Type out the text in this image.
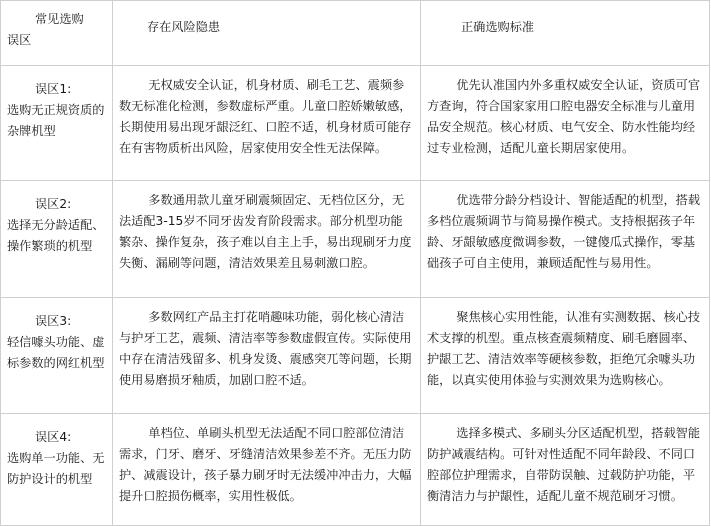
常见选购
误区	存在风险隐患	正确选购标准

误区1:
选购无正规资质的杂牌机型	无权威安全认证，机身材质、刷毛工艺、震频参数无标准化检测，参数虚标严重。儿童口腔娇嫩敏感，长期使用易出现牙龈泛红、口腔不适，机身材质可能存在有害物质析出风险，居家使用安全性无法保障。	优先认准国内外多重权威安全认证，资质可官方查询，符合国家家用口腔电器安全标准与儿童用品安全规范。核心材质、电气安全、防水性能均经过专业检测，适配儿童长期居家使用。

误区2:
选择无分龄适配、操作繁琐的机型	多数通用款儿童牙刷震频固定、无档位区分，无法适配3-15岁不同牙齿发育阶段需求。部分机型功能繁杂、操作复杂，孩子难以自主上手，易出现刷牙力度失衡、漏刷等问题，清洁效果差且易刺激口腔。	优选带分龄分档设计、智能适配的机型，搭载多档位震频调节与简易操作模式。支持根据孩子年龄、牙龈敏感度微调参数，一键傻瓜式操作，零基础孩子可自主使用，兼顾适配性与易用性。

误区3:
轻信噱头功能、虚标参数的网红机型	多数网红产品主打花哨趣味功能，弱化核心清洁与护牙工艺，震频、清洁率等参数虚假宣传。实际使用中存在清洁残留多、机身发烫、震感突兀等问题，长期使用易磨损牙釉质，加剧口腔不适。	聚焦核心实用性能，认准有实测数据、核心技术支撑的机型。重点核查震频精度、刷毛磨圆率、护龈工艺、清洁效率等硬核参数，拒绝冗余噱头功能，以真实使用体验与实测效果为选购核心。

误区4:
选购单一功能、无防护设计的机型	单档位、单刷头机型无法适配不同口腔部位清洁需求，门牙、磨牙、牙缝清洁效果参差不齐。无压力防护、减震设计，孩子暴力刷牙时无法缓冲冲击力，大幅提升口腔损伤概率，实用性极低。	选择多模式、多刷头分区适配机型，搭载智能防护减震结构。可针对性适配不同年龄段、不同口腔部位护理需求，自带防误触、过载防护功能，平衡清洁力与护龈性，适配儿童不规范刷牙习惯。
